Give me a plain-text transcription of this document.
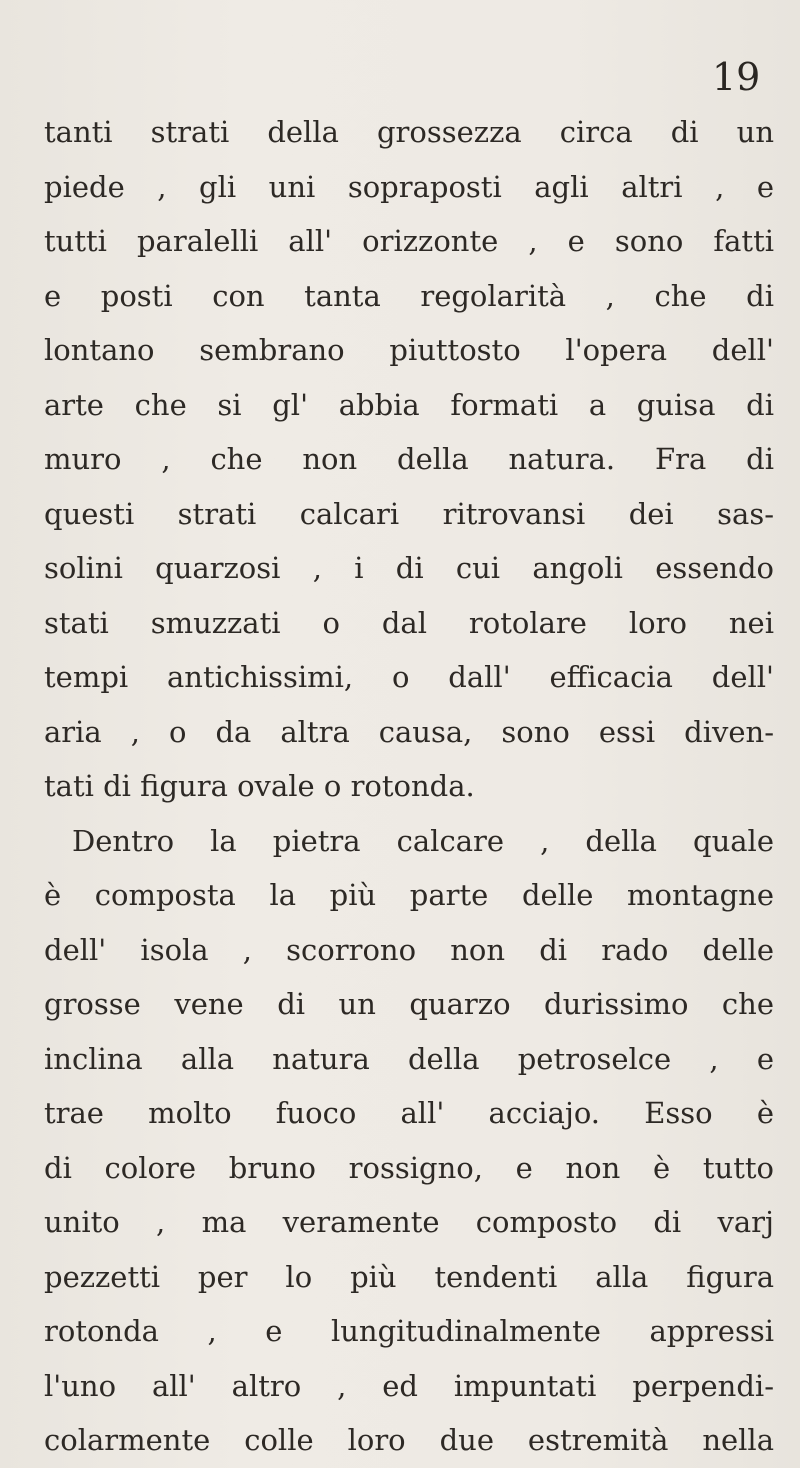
19
tanti strati della grossezza circa di un
piede , gli uni sopraposti agli altri , e
tutti paralelli all' orizzonte , e sono fatti
e posti con tanta regolarità , che di
lontano sembrano piuttosto l'opera dell'
arte che si gl' abbia formati a guisa di
muro , che non della natura. Fra di
questi strati calcari ritrovansi dei sas-
solini quarzosi , i di cui angoli essendo
stati smuzzati o dal rotolare loro nei
tempi antichissimi, o dall' efficacia dell'
aria , o da altra causa, sono essi diven-
tati di figura ovale o rotonda.
Dentro la pietra calcare , della quale
è composta la più parte delle montagne
dell' isola , scorrono non di rado delle
grosse vene di un quarzo durissimo che
inclina alla natura della petroselce , e
trae molto fuoco all' acciajo. Esso è
di colore bruno rossigno, e non è tutto
unito , ma veramente composto di varj
pezzetti per lo più tendenti alla figura
rotonda , e lungitudinalmente appressi
l'uno all' altro , ed impuntati perpendi-
colarmente colle loro due estremità nella
